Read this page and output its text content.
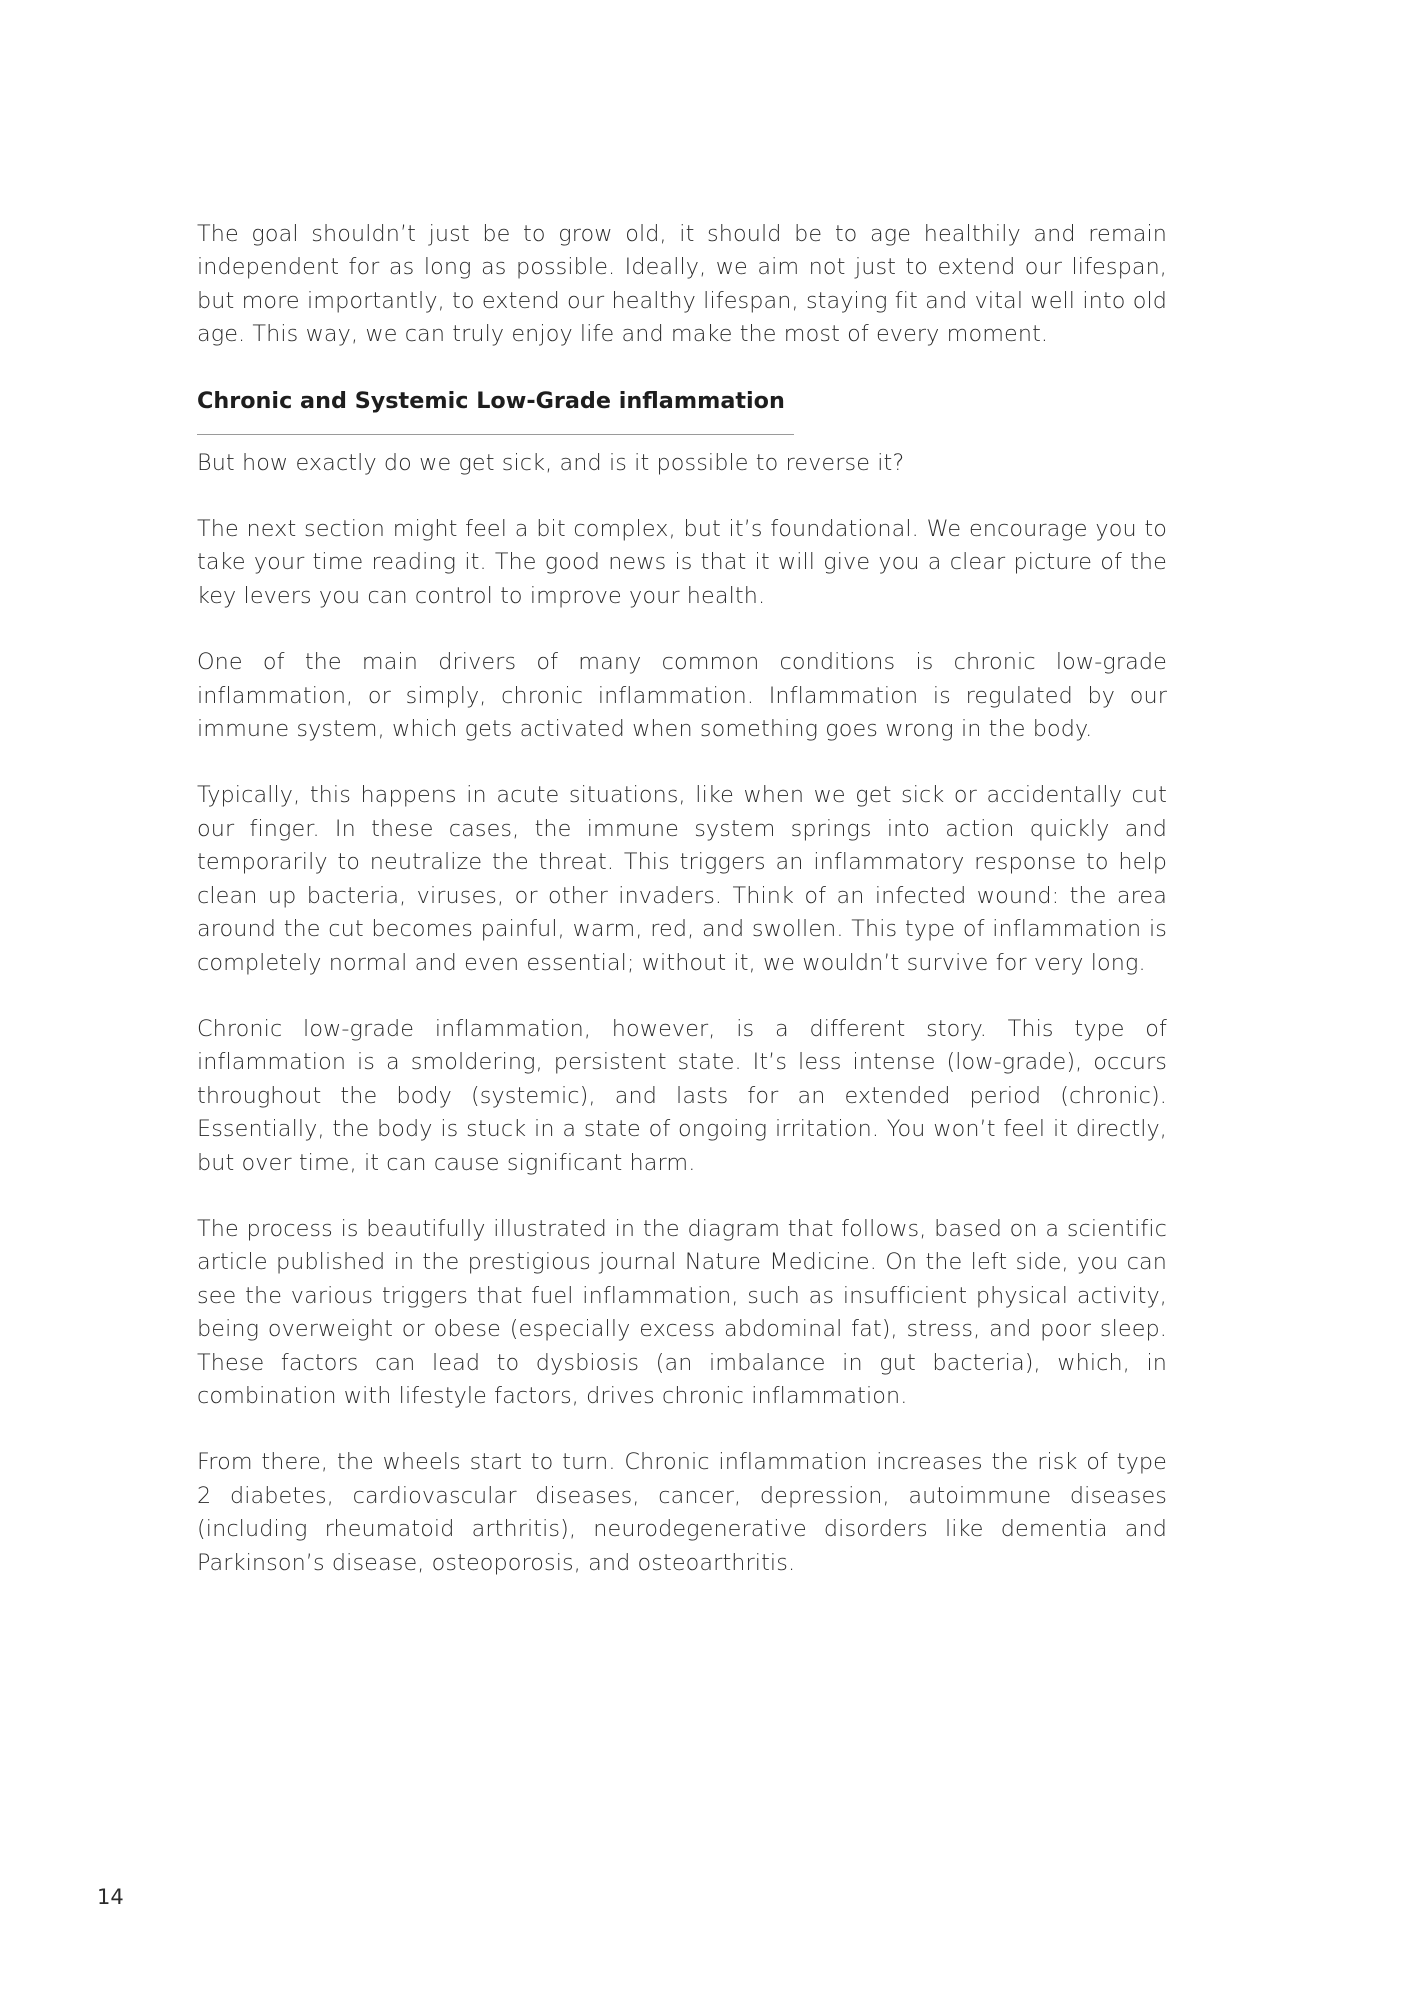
The goal shouldn’t just be to grow old, it should be to age healthily and remain independent for as long as possible. Ideally, we aim not just to extend our lifespan, but more importantly, to extend our healthy lifespan, staying fit and vital well into old age. This way, we can truly enjoy life and make the most of every moment.

Chronic and Systemic Low-Grade inflammation

But how exactly do we get sick, and is it possible to reverse it?

The next section might feel a bit complex, but it’s foundational. We encourage you to take your time reading it. The good news is that it will give you a clear picture of the key levers you can control to improve your health.

One of the main drivers of many common conditions is chronic low-grade inflammation, or simply, chronic inflammation. Inflammation is regulated by our immune system, which gets activated when something goes wrong in the body.

Typically, this happens in acute situations, like when we get sick or accidentally cut our finger. In these cases, the immune system springs into action quickly and temporarily to neutralize the threat. This triggers an inflammatory response to help clean up bacteria, viruses, or other invaders. Think of an infected wound: the area around the cut becomes painful, warm, red, and swollen. This type of inflammation is completely normal and even essential; without it, we wouldn’t survive for very long.

Chronic low-grade inflammation, however, is a different story. This type of inflammation is a smoldering, persistent state. It’s less intense (low-grade), occurs throughout the body (systemic), and lasts for an extended period (chronic). Essentially, the body is stuck in a state of ongoing irritation. You won’t feel it directly, but over time, it can cause significant harm.

The process is beautifully illustrated in the diagram that follows, based on a scientific article published in the prestigious journal Nature Medicine. On the left side, you can see the various triggers that fuel inflammation, such as insufficient physical activity, being overweight or obese (especially excess abdominal fat), stress, and poor sleep. These factors can lead to dysbiosis (an imbalance in gut bacteria), which, in combination with lifestyle factors, drives chronic inflammation.

From there, the wheels start to turn. Chronic inflammation increases the risk of type 2 diabetes, cardiovascular diseases, cancer, depression, autoimmune diseases (including rheumatoid arthritis), neurodegenerative disorders like dementia and Parkinson’s disease, osteoporosis, and osteoarthritis.

14
